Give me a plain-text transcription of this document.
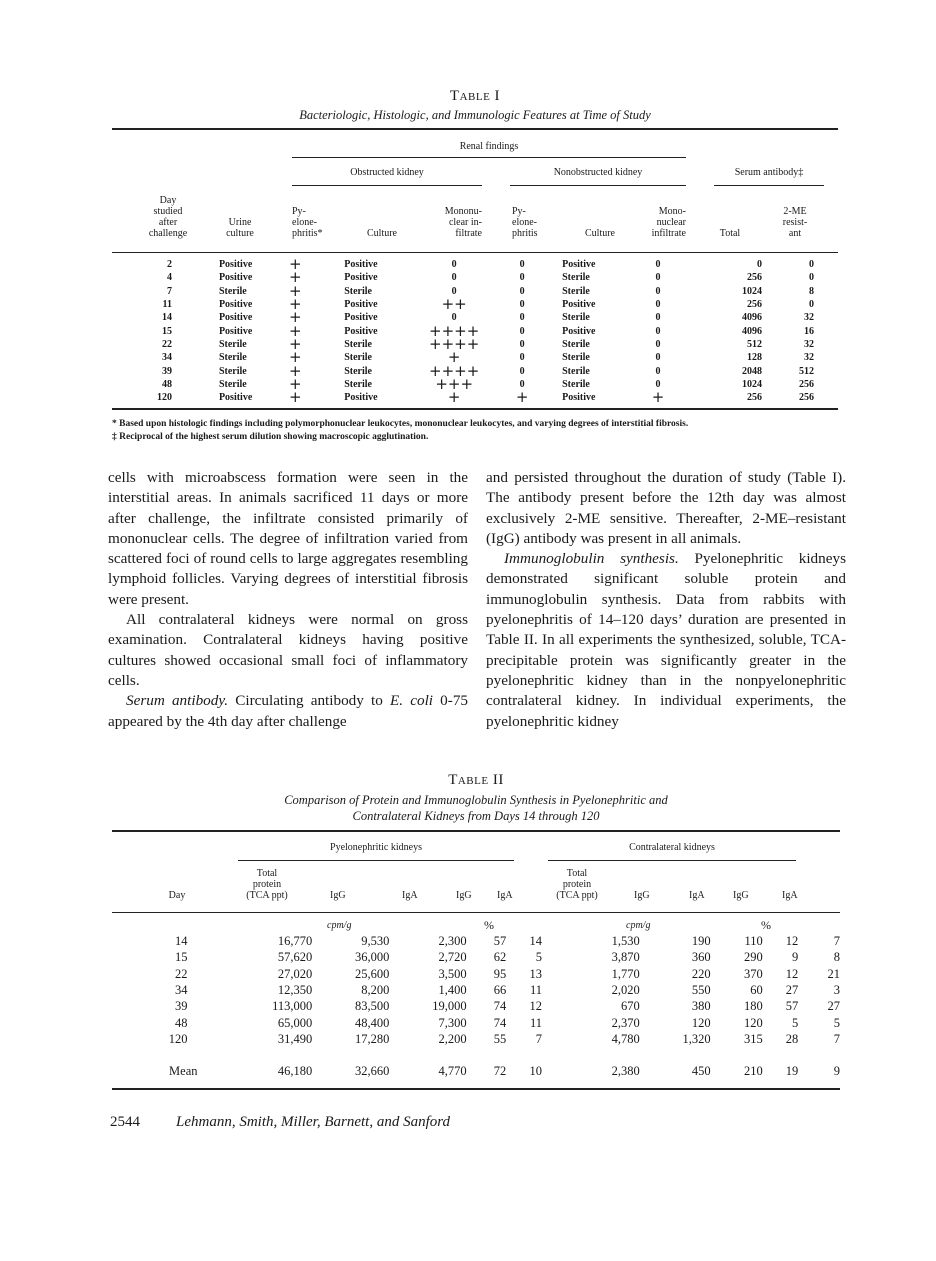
Table I
Bacteriologic, Histologic, and Immunologic Features at Time of Study
Renal findings
Obstructed kidney	Nonobstructed kidney	Serum antibody‡
Day
studied
after
challenge

Urine
culture

Py-
elone-
phritis*

	Culture

Mononu-
clear in-
filtrate

Py-
elone-
phritis

	Culture

Mono-
nuclear
infiltrate

	Total

2-ME
resist-
ant
2	Positive	+	Positive	0	0	Positive	0	0	0
4	Positive	+	Positive	0	0	Sterile	0	256	0
7	Sterile	+	Sterile	0	0	Sterile	0	1024	8
11	Positive	+	Positive	++	0	Positive	0	256	0
14	Positive	+	Positive	0	0	Sterile	0	4096	32
15	Positive	+	Positive	++++	0	Positive	0	4096	16
22	Sterile	+	Sterile	++++	0	Sterile	0	512	32
34	Sterile	+	Sterile	+	0	Sterile	0	128	32
39	Sterile	+	Sterile	++++	0	Sterile	0	2048	512
48	Sterile	+	Sterile	+++	0	Sterile	0	1024	256
120	Positive	+	Positive	+	+	Positive	+	256	256
* Based upon histologic findings including polymorphonuclear leukocytes, mononuclear leukocytes, and varying degrees of interstitial fibrosis.
‡ Reciprocal of the highest serum dilution showing macroscopic agglutination.

cells with microabscess formation were seen in the interstitial areas. In animals sacrificed 11 days or more after challenge, the infiltrate consisted primarily of mononuclear cells. The degree of infiltration varied from scattered foci of round cells to large aggregates resembling lymphoid follicles. Varying degrees of interstitial fibrosis were present.

All contralateral kidneys were normal on gross examination. Contralateral kidneys having positive cultures showed occasional small foci of inflammatory cells.

Serum antibody. Circulating antibody to E. coli 0-75 appeared by the 4th day after challenge

and persisted throughout the duration of study (Table I). The antibody present before the 12th day was almost exclusively 2-ME sensitive. Thereafter, 2-ME–resistant (IgG) antibody was present in all animals.

Immunoglobulin synthesis. Pyelonephritic kidneys demonstrated significant soluble protein and immunoglobulin synthesis. Data from rabbits with pyelonephritis of 14–120 days’ duration are presented in Table II. In all experiments the synthesized, soluble, TCA-precipitable protein was significantly greater in the pyelonephritic kidney than in the nonpyelonephritic contralateral kidney. In individual experiments, the pyelonephritic kidney

Table II
Comparison of Protein and Immunoglobulin Synthesis in Pyelonephritic and
Contralateral Kidneys from Days 14 through 120
Pyelonephritic kidneys	Contralateral kidneys

Day
Total
protein
(TCA ppt)	IgG	IgA	IgG	IgA
Total
protein
(TCA ppt)	IgG	IgA	IgG	IgA
cpm/g	%	cpm/g	%
14	16,770	9,530	2,300	57	14	1,530	190	110	12	7
15	57,620	36,000	2,720	62	5	3,870	360	290	9	8
22	27,020	25,600	3,500	95	13	1,770	220	370	12	21
34	12,350	8,200	1,400	66	11	2,020	550	60	27	3
39	113,000	83,500	19,000	74	12	670	380	180	57	27
48	65,000	48,400	7,300	74	11	2,370	120	120	5	5
120	31,490	17,280	2,200	55	7	4,780	1,320	315	28	7

Mean	46,180	32,660	4,770	72	10	2,380	450	210	19	9
2544 Lehmann, Smith, Miller, Barnett, and Sanford
